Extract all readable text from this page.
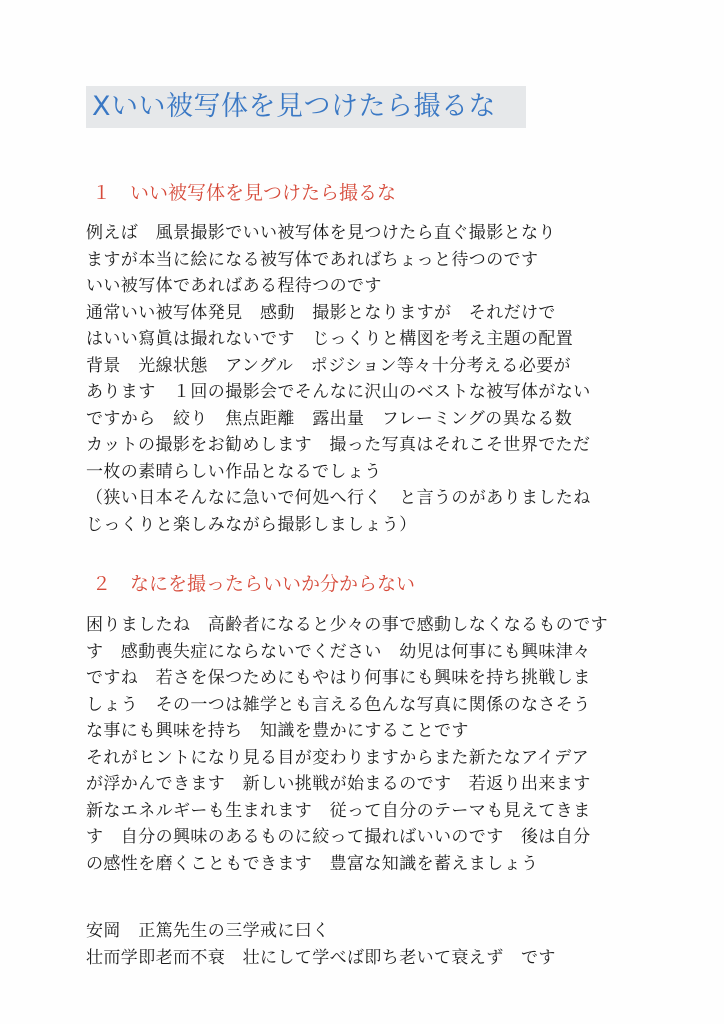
Xいい被写体を見つけたら撮るな
１　いい被写体を見つけたら撮るな
例えば　風景撮影でいい被写体を見つけたら直ぐ撮影となり
ますが本当に絵になる被写体であればちょっと待つのです
いい被写体であればある程待つのです
通常いい被写体発見　感動　撮影となりますが　それだけで
はいい寫眞は撮れないです　じっくりと構図を考え主題の配置
背景　光線状態　アングル　ポジション等々十分考える必要が
あります　１回の撮影会でそんなに沢山のベストな被写体がない
ですから　絞り　焦点距離　露出量　フレーミングの異なる数
カットの撮影をお勧めします　撮った写真はそれこそ世界でただ
一枚の素晴らしい作品となるでしょう
（狭い日本そんなに急いで何処へ行く　と言うのがありましたね
じっくりと楽しみながら撮影しましょう）
２　なにを撮ったらいいか分からない
困りましたね　高齢者になると少々の事で感動しなくなるものです
す　感動喪失症にならないでください　幼児は何事にも興味津々
ですね　若さを保つためにもやはり何事にも興味を持ち挑戦しま
しょう　その一つは雑学とも言える色んな写真に関係のなさそう
な事にも興味を持ち　知識を豊かにすることです
それがヒントになり見る目が変わりますからまた新たなアイデア
が浮かんできます　新しい挑戦が始まるのです　若返り出来ます
新なエネルギーも生まれます　従って自分のテーマも見えてきま
す　自分の興味のあるものに絞って撮ればいいのです　後は自分
の感性を磨くこともできます　豊富な知識を蓄えましょう
安岡　正篤先生の三学戒に曰く
壮而学即老而不衰　壮にして学べば即ち老いて衰えず　です
